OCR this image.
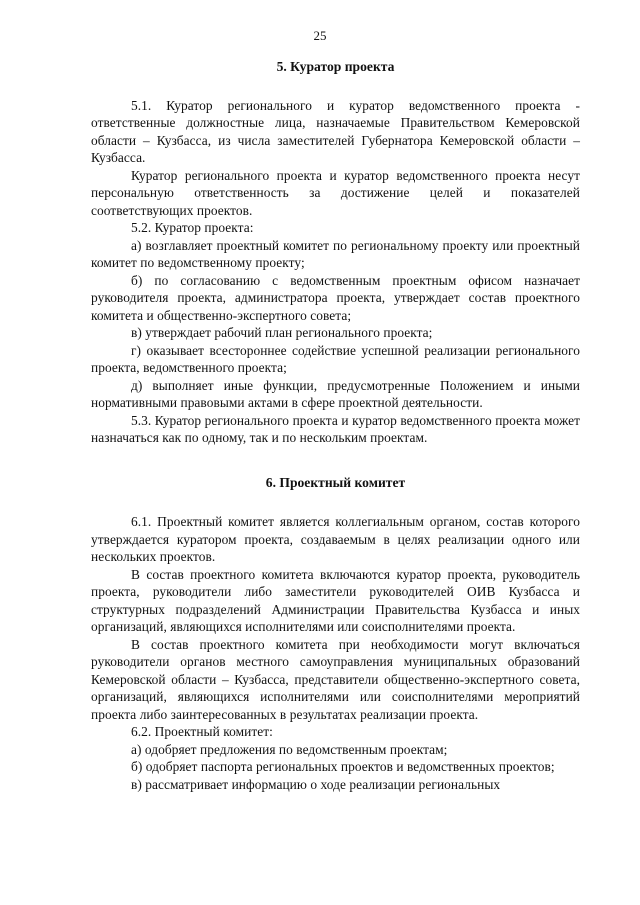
25
5. Куратор проекта

5.1. Куратор регионального и куратор ведомственного проекта - ответственные должностные лица, назначаемые Правительством Кемеровской области – Кузбасса, из числа заместителей Губернатора Кемеровской области – Кузбасса.

Куратор регионального проекта и куратор ведомственного проекта несут персональную ответственность за достижение целей и показателей соответствующих проектов.

5.2. Куратор проекта:

а) возглавляет проектный комитет по региональному проекту или проектный комитет по ведомственному проекту;

б) по согласованию с ведомственным проектным офисом назначает руководителя проекта, администратора проекта, утверждает состав проектного комитета и общественно-экспертного совета;

в) утверждает рабочий план регионального проекта;

г) оказывает всестороннее содействие успешной реализации регионального проекта, ведомственного проекта;

д) выполняет иные функции, предусмотренные Положением и иными нормативными правовыми актами в сфере проектной деятельности.

5.3. Куратор регионального проекта и куратор ведомственного проекта может назначаться как по одному, так и по нескольким проектам.

6. Проектный комитет

6.1. Проектный комитет является коллегиальным органом, состав которого утверждается куратором проекта, создаваемым в целях реализации одного или нескольких проектов.

В состав проектного комитета включаются куратор проекта, руководитель проекта, руководители либо заместители руководителей ОИВ Кузбасса и структурных подразделений Администрации Правительства Кузбасса и иных организаций, являющихся исполнителями или соисполнителями проекта.

В состав проектного комитета при необходимости могут включаться руководители органов местного самоуправления муниципальных образований Кемеровской области – Кузбасса, представители общественно-экспертного совета, организаций, являющихся исполнителями или соисполнителями мероприятий проекта либо заинтересованных в результатах реализации проекта.

6.2. Проектный комитет:

а) одобряет предложения по ведомственным проектам;

б) одобряет паспорта региональных проектов и ведомственных проектов;

в) рассматривает информацию о ходе реализации региональных
